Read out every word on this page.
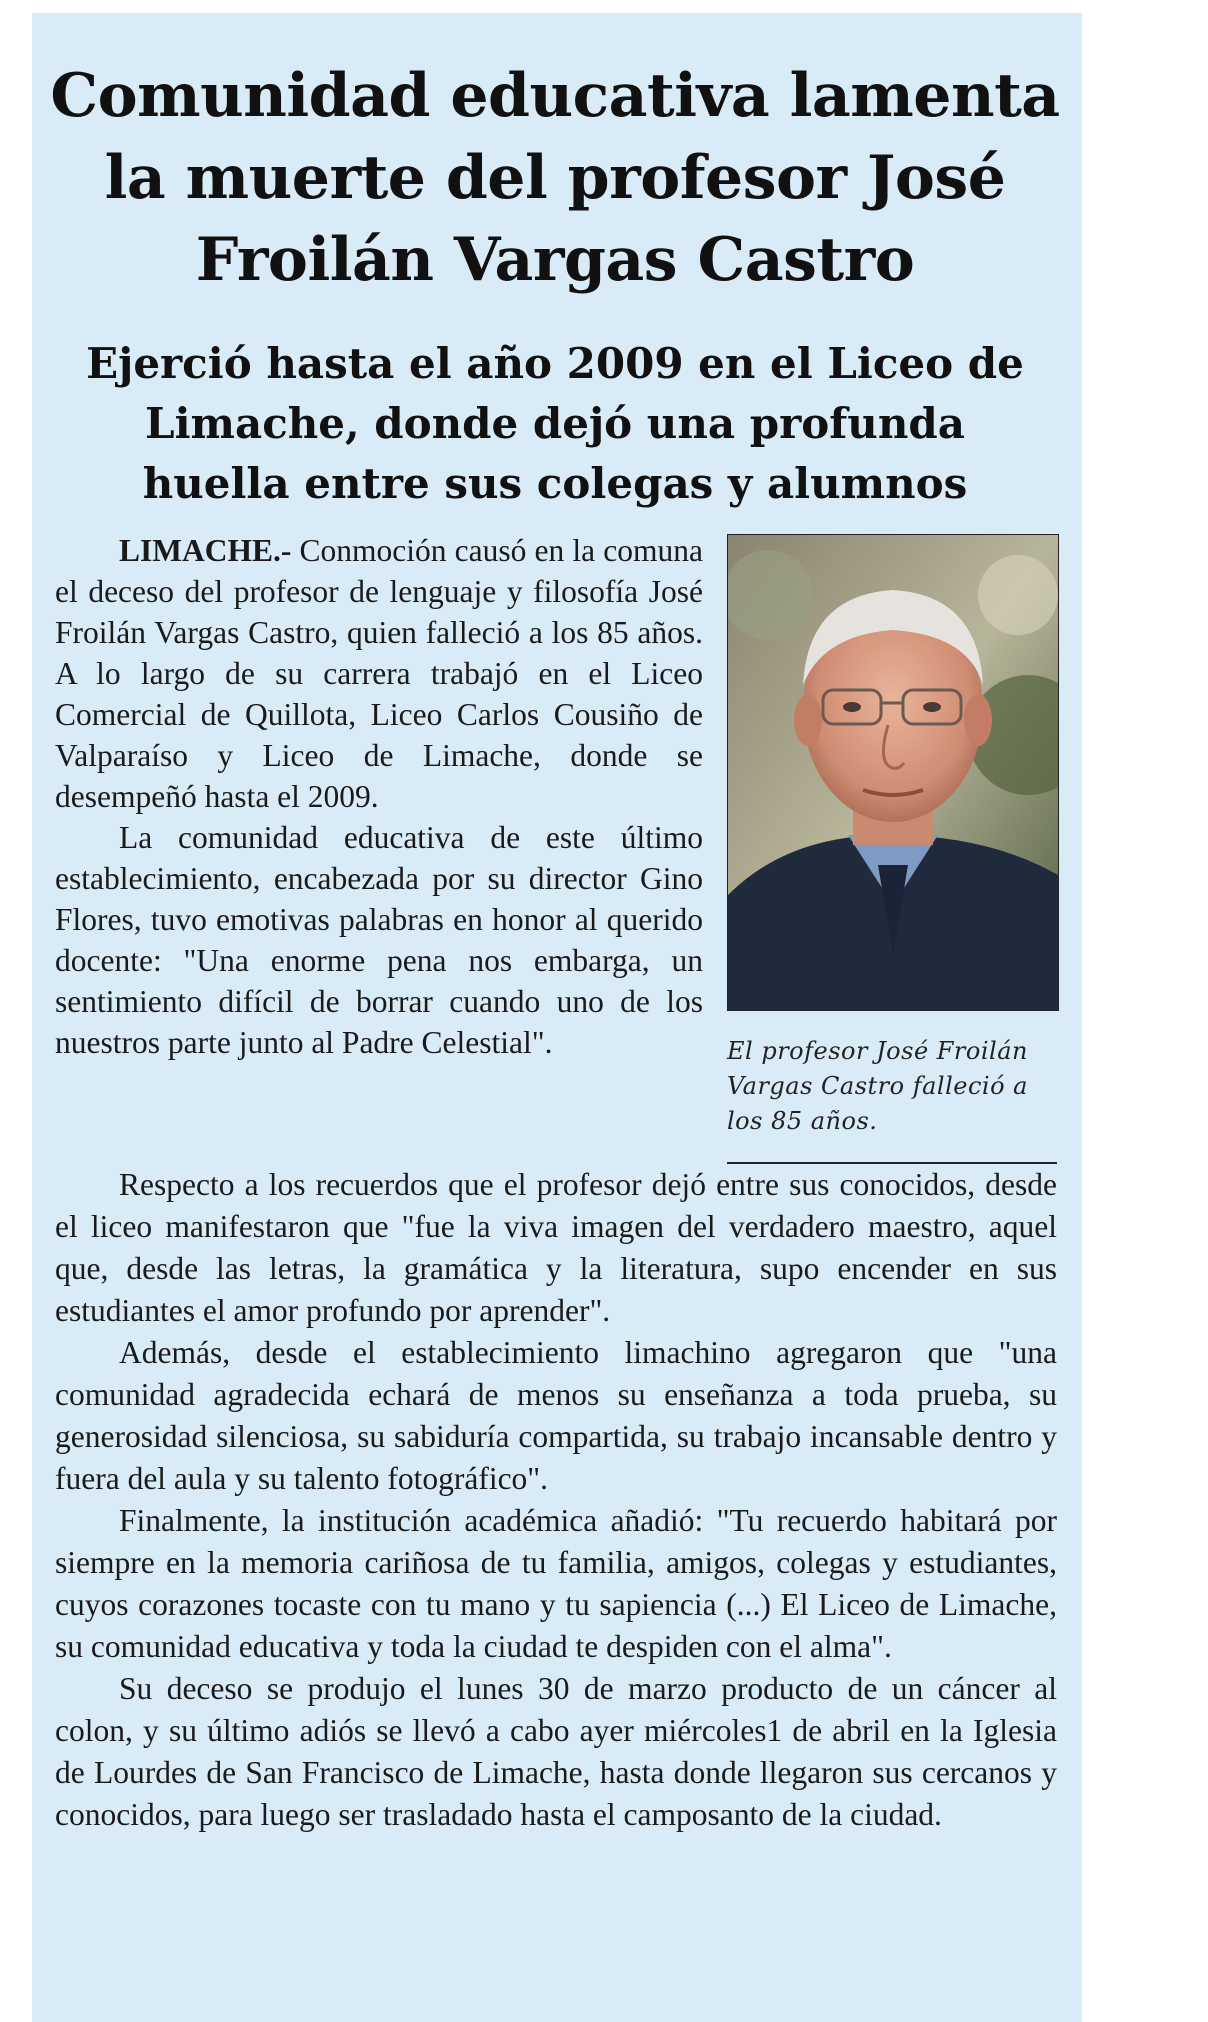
Comunidad educativa lamenta la muerte del profesor José Froilán Vargas Castro
Ejerció hasta el año 2009 en el Liceo de Limache, donde dejó una profunda huella entre sus colegas y alumnos

LIMACHE.- Conmoción causó en la comuna el deceso del profesor de lenguaje y filosofía José Froilán Vargas Castro, quien falleció a los 85 años. A lo largo de su carrera trabajó en el Liceo Comercial de Quillota, Liceo Carlos Cousiño de Valparaíso y Liceo de Limache, donde se desempeñó hasta el 2009.

La comunidad educativa de este último establecimiento, encabezada por su director Gino Flores, tuvo emotivas palabras en honor al querido docente: "Una enorme pena nos embarga, un sentimiento difícil de borrar cuando uno de los nuestros parte junto al Padre Celestial".	El profesor José Froilán Vargas Castro falleció a los 85 años.

Respecto a los recuerdos que el profesor dejó entre sus conocidos, desde el liceo manifestaron que "fue la viva imagen del verdadero maestro, aquel que, desde las letras, la gramática y la literatura, supo encender en sus estudiantes el amor profundo por aprender".

Además, desde el establecimiento limachino agregaron que "una comunidad agradecida echará de menos su enseñanza a toda prueba, su generosidad silenciosa, su sabiduría compartida, su trabajo incansable dentro y fuera del aula y su talento fotográfico".

Finalmente, la institución académica añadió: "Tu recuerdo habitará por siempre en la memoria cariñosa de tu familia, amigos, colegas y estudiantes, cuyos corazones tocaste con tu mano y tu sapiencia (...) El Liceo de Limache, su comunidad educativa y toda la ciudad te despiden con el alma".

Su deceso se produjo el lunes 30 de marzo producto de un cáncer al colon, y su último adiós se llevó a cabo ayer miércoles1 de abril en la Iglesia de Lourdes de San Francisco de Limache, hasta donde llegaron sus cercanos y conocidos, para luego ser trasladado hasta el camposanto de la ciudad.
